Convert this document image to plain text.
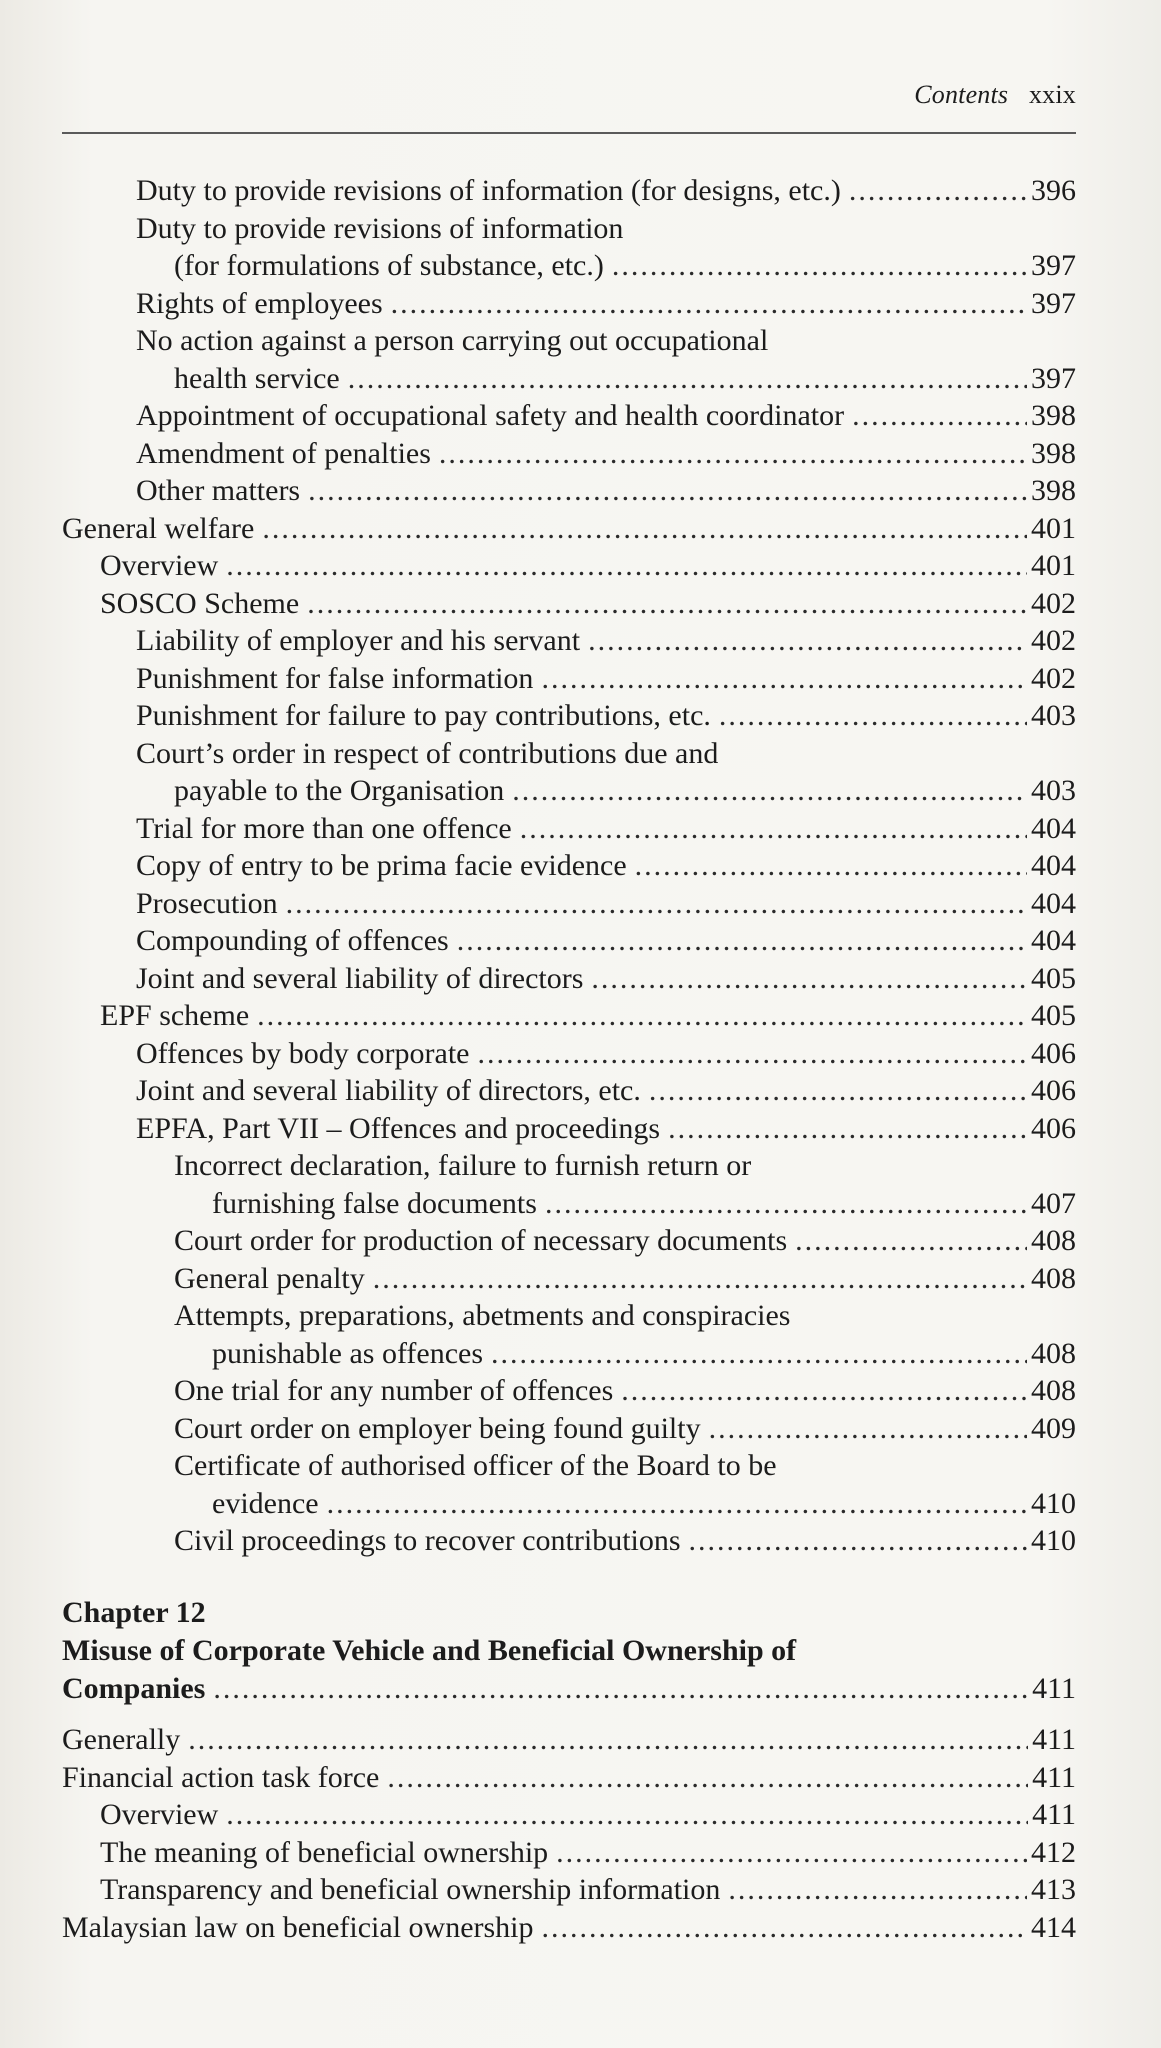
Contents xxix
Duty to provide revisions of information (for designs, etc.) .....	396
Duty to provide revisions of information
(for formulations of substance, etc.) .....	397
Rights of employees .....	397
No action against a person carrying out occupational
health service .....	397
Appointment of occupational safety and health coordinator .....	398
Amendment of penalties .....	398
Other matters .....	398
General welfare .....	401
Overview .....	401
SOSCO Scheme .....	402
Liability of employer and his servant .....	402
Punishment for false information .....	402
Punishment for failure to pay contributions, etc. .....	403
Court’s order in respect of contributions due and
payable to the Organisation .....	403
Trial for more than one offence .....	404
Copy of entry to be prima facie evidence .....	404
Prosecution .....	404
Compounding of offences .....	404
Joint and several liability of directors .....	405
EPF scheme .....	405
Offences by body corporate .....	406
Joint and several liability of directors, etc. .....	406
EPFA, Part VII – Offences and proceedings .....	406
Incorrect declaration, failure to furnish return or
furnishing false documents .....	407
Court order for production of necessary documents .....	408
General penalty .....	408
Attempts, preparations, abetments and conspiracies
punishable as offences .....	408
One trial for any number of offences .....	408
Court order on employer being found guilty .....	409
Certificate of authorised officer of the Board to be
evidence .....	410
Civil proceedings to recover contributions .....	410
Chapter 12
Misuse of Corporate Vehicle and Beneficial Ownership of
Companies .....	411
Generally .....	411
Financial action task force .....	411
Overview .....	411
The meaning of beneficial ownership .....	412
Transparency and beneficial ownership information .....	413
Malaysian law on beneficial ownership .....	414
